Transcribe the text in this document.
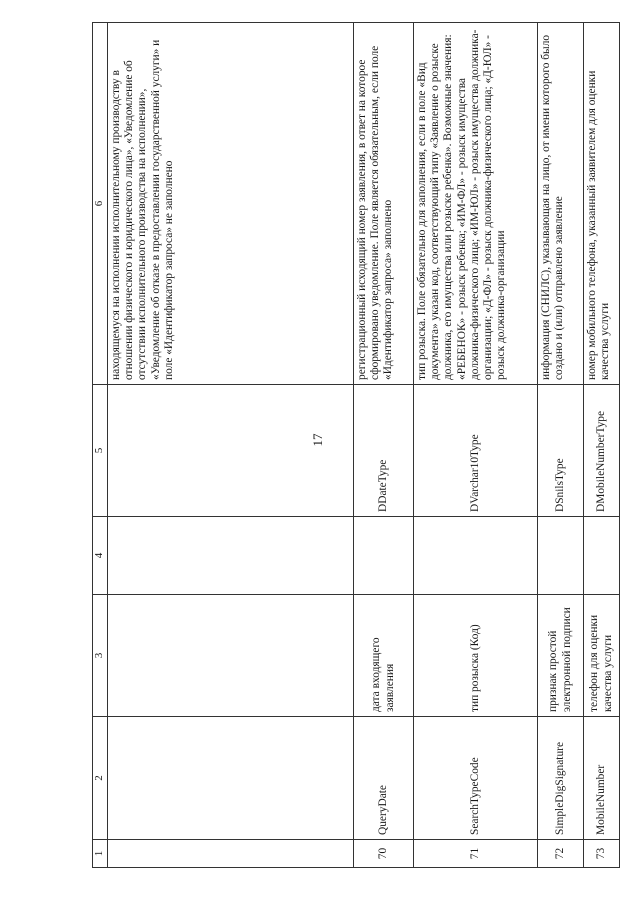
17
1	2	3	4	5	6
					находящемуся на исполнении исполнительному производству в отношении физического и юридического лица», «Уведомление об отсутствии исполнительного производства на исполнении», «Уведомление об отказе в предоставлении государственной услуги» и поле «Идентификатор запроса» не заполнено
70	QueryDate	дата входящего заявления		DDateType	регистрационный исходящий номер заявления, в ответ на которое сформировано уведомление. Поле является обязательным, если поле «Идентификатор запроса» заполнено
71	SearchTypeCode	тип розыска (Код)		DVarchar10Type	тип розыска. Поле обязательно для заполнения, если в поле «Вид документа» указан код, соответствующий типу «Заявление о розыске должника, его имущества или розыске ребенка». Возможные значения: «РЕБЕНОК» - розыск ребенка; «ИМ-ФЛ» - розыск имущества должника-физического лица; «ИМ-ЮЛ» - розыск имущества должника-организации; «Д-ФЛ» - розыск должника-физического лица; «Д-ЮЛ» - розыск должника-организации
72	SimpleDigSignature	признак простой электронной подписи		DSnilsType	информация (СНИЛС), указывающая на лицо, от имени которого было создано и (или) отправлено заявление
73	MobileNumber	телефон для оценки качества услуги		DMobileNumberType	номер мобильного телефона, указанный заявителем для оценки качества услуги
